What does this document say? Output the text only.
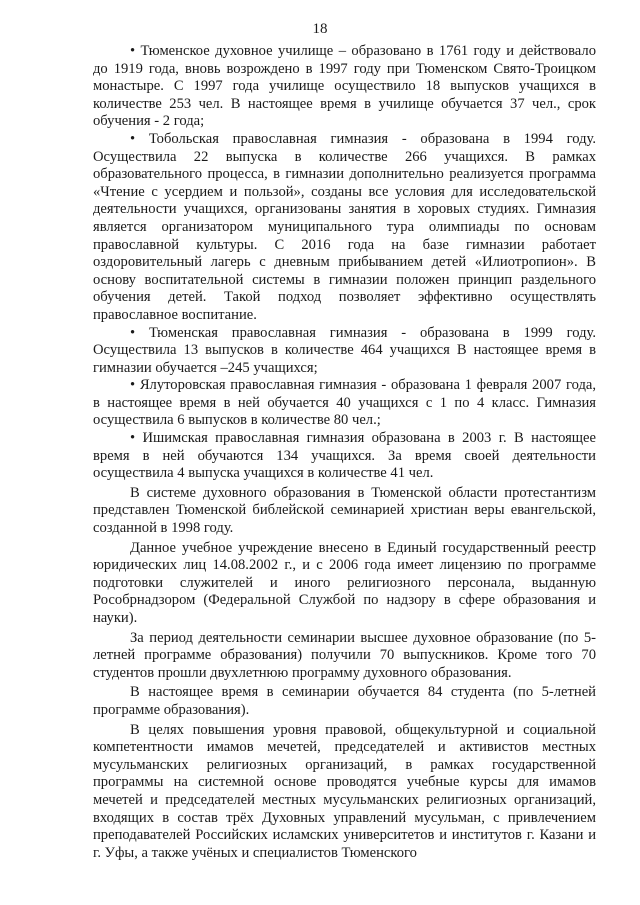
18

• Тюменское духовное училище – образовано в 1761 году и действовало до 1919 года, вновь возрождено в 1997 году при Тюменском Свято-Троицком монастыре. С 1997 года училище осуществило 18 выпусков учащихся в количестве 253 чел. В настоящее время в училище обучается 37 чел., срок обучения - 2 года;

• Тобольская православная гимназия - образована в 1994 году. Осуществила 22 выпуска в количестве 266 учащихся. В рамках образовательного процесса, в гимназии дополнительно реализуется программа «Чтение с усердием и пользой», созданы все условия для исследовательской деятельности учащихся, организованы занятия в хоровых студиях. Гимназия является организатором муниципального тура олимпиады по основам православной культуры. С 2016 года на базе гимназии работает оздоровительный лагерь с дневным прибыванием детей «Илиотропион». В основу воспитательной системы в гимназии положен принцип раздельного обучения детей. Такой подход позволяет эффективно осуществлять православное воспитание.

• Тюменская православная гимназия - образована в 1999 году. Осуществила 13 выпусков в количестве 464 учащихся В настоящее время в гимназии обучается –245 учащихся;

• Ялуторовская православная гимназия - образована 1 февраля 2007 года, в настоящее время в ней обучается 40 учащихся с 1 по 4 класс. Гимназия осуществила 6 выпусков в количестве 80 чел.;

• Ишимская православная гимназия образована в 2003 г. В настоящее время в ней обучаются 134 учащихся. За время своей деятельности осуществила 4 выпуска учащихся в количестве 41 чел.

В системе духовного образования в Тюменской области протестантизм представлен Тюменской библейской семинарией христиан веры евангельской, созданной в 1998 году.

Данное учебное учреждение внесено в Единый государственный реестр юридических лиц 14.08.2002 г., и с 2006 года имеет лицензию по программе подготовки служителей и иного религиозного персонала, выданную Рособрнадзором (Федеральной Службой по надзору в сфере образования и науки).

За период деятельности семинарии высшее духовное образование (по 5-летней программе образования) получили 70 выпускников. Кроме того 70 студентов прошли двухлетнюю программу духовного образования.

В настоящее время в семинарии обучается 84 студента (по 5-летней программе образования).

В целях повышения уровня правовой, общекультурной и социальной компетентности имамов мечетей, председателей и активистов местных мусульманских религиозных организаций, в рамках государственной программы на системной основе проводятся учебные курсы для имамов мечетей и председателей местных мусульманских религиозных организаций, входящих в состав трёх Духовных управлений мусульман, с привлечением преподавателей Российских исламских университетов и институтов г. Казани и г. Уфы, а также учёных и специалистов Тюменского
